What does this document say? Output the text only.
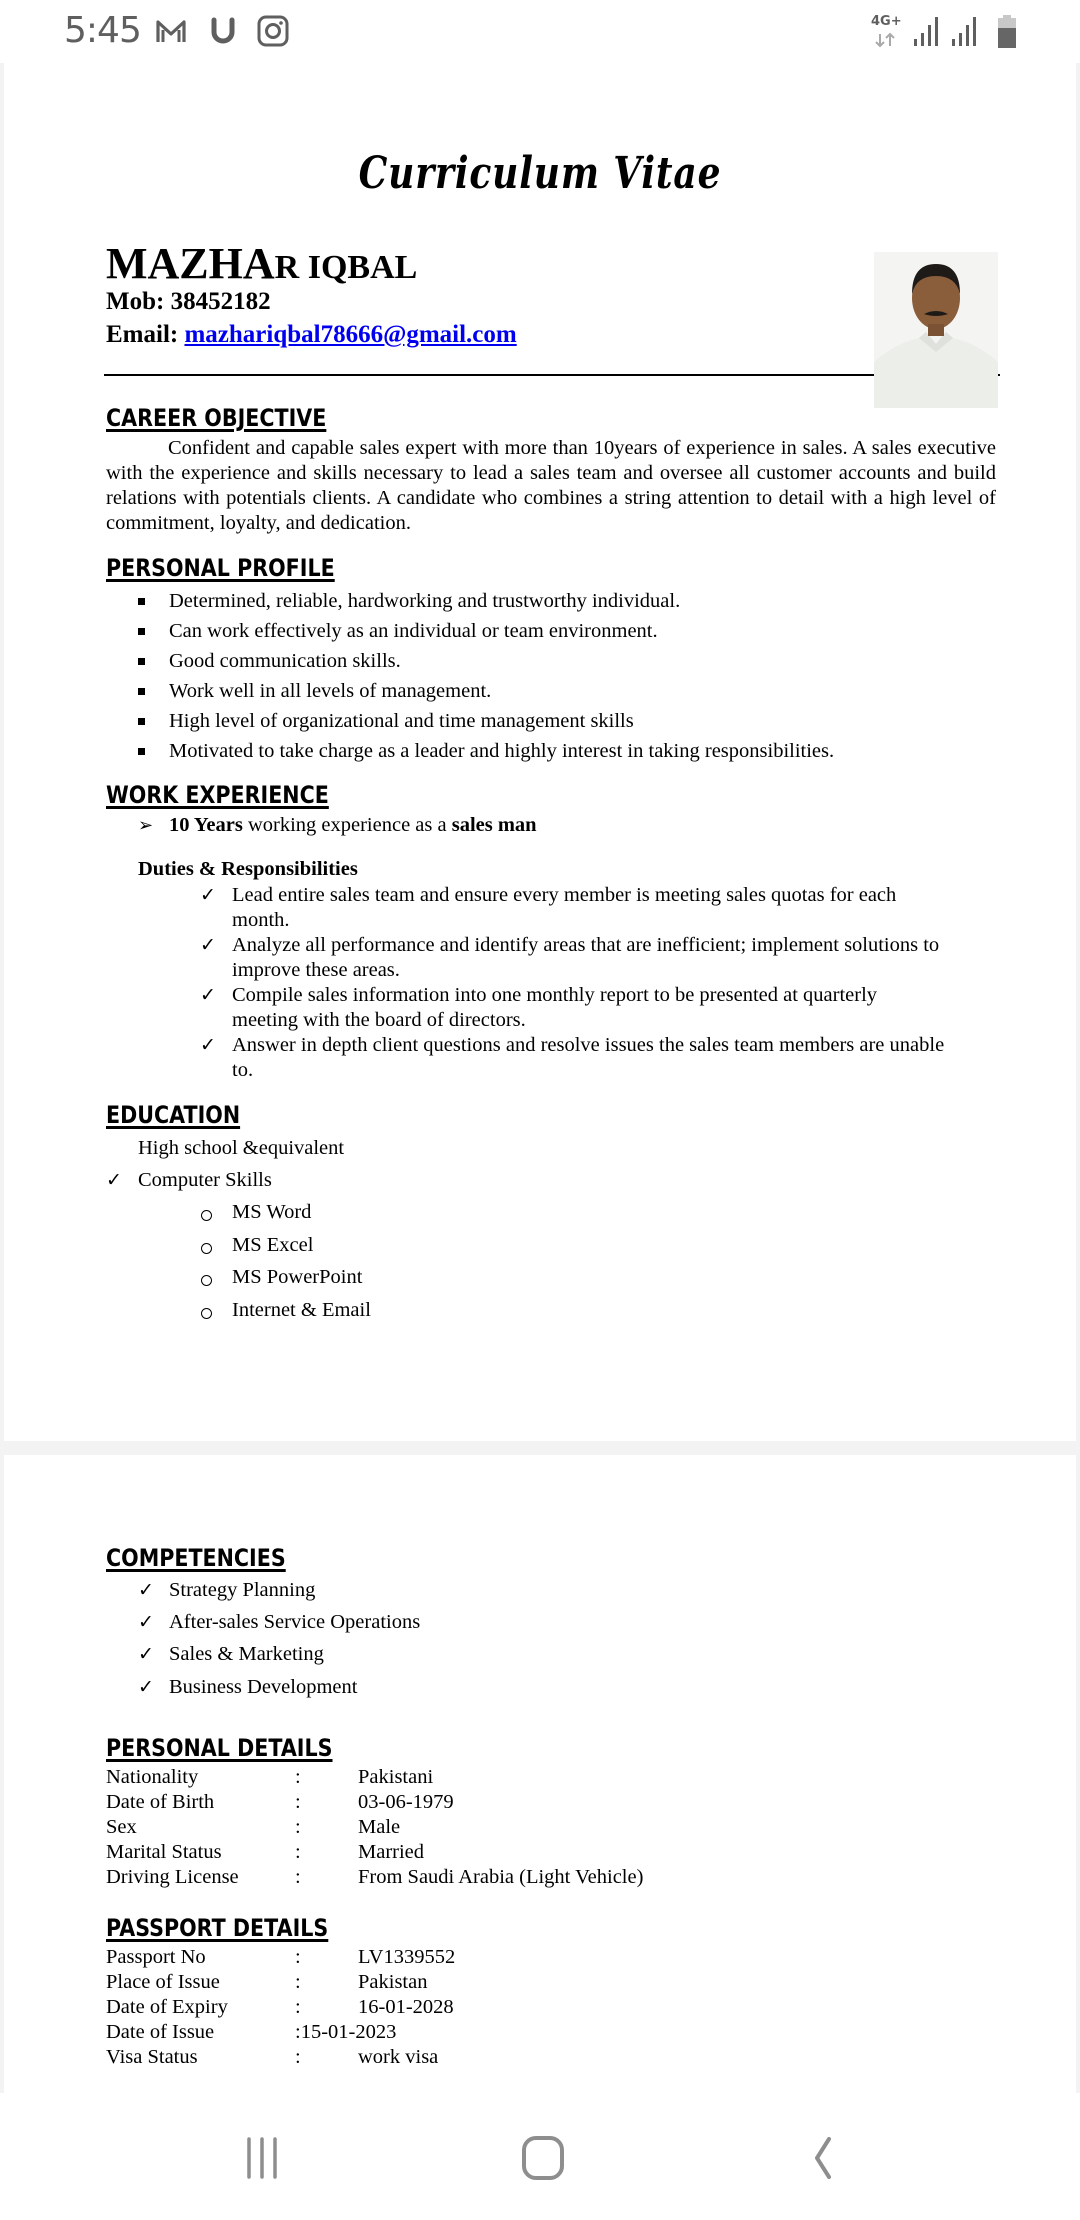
5:45	4G+
Curriculum Vitae
MAZHAR IQBAL
Mob: 38452182
Email: mazhariqbal78666@gmail.com
CAREER OBJECTIVE
Confident and capable sales expert with more than 10years of experience in sales. A sales executive with the experience and skills necessary to lead a sales team and oversee all customer accounts and build relations with potentials clients. A candidate who combines a string attention to detail with a high level of commitment, loyalty, and dedication.
PERSONAL PROFILE
Determined, reliable, hardworking and trustworthy individual.
Can work effectively as an individual or team environment.
Good communication skills.
Work well in all levels of management.
High level of organizational and time management skills
Motivated to take charge as a leader and highly interest in taking responsibilities.
WORK EXPERIENCE
➢ 10 Years working experience as a sales man
Duties & Responsibilities
✓ Lead entire sales team and ensure every member is meeting sales quotas for each
month.
✓ Analyze all performance and identify areas that are inefficient; implement solutions to
improve these areas.
✓ Compile sales information into one monthly report to be presented at quarterly
meeting with the board of directors.
✓ Answer in depth client questions and resolve issues the sales team members are unable
to.
EDUCATION
High school &equivalent
✓ Computer Skills
MS Word
MS Excel
MS PowerPoint
Internet & Email
COMPETENCIES
✓ Strategy Planning
✓ After-sales Service Operations
✓ Sales & Marketing
✓ Business Development
PERSONAL DETAILS
Nationality	:	Pakistani
Date of Birth	:	03-06-1979
Sex	:	Male
Marital Status	:	Married
Driving License	:	From Saudi Arabia (Light Vehicle)
PASSPORT DETAILS
Passport No	:	LV1339552
Place of Issue	:	Pakistan
Date of Expiry	:	16-01-2028
Date of Issue	:15-01-2023
Visa Status	:	work visa
